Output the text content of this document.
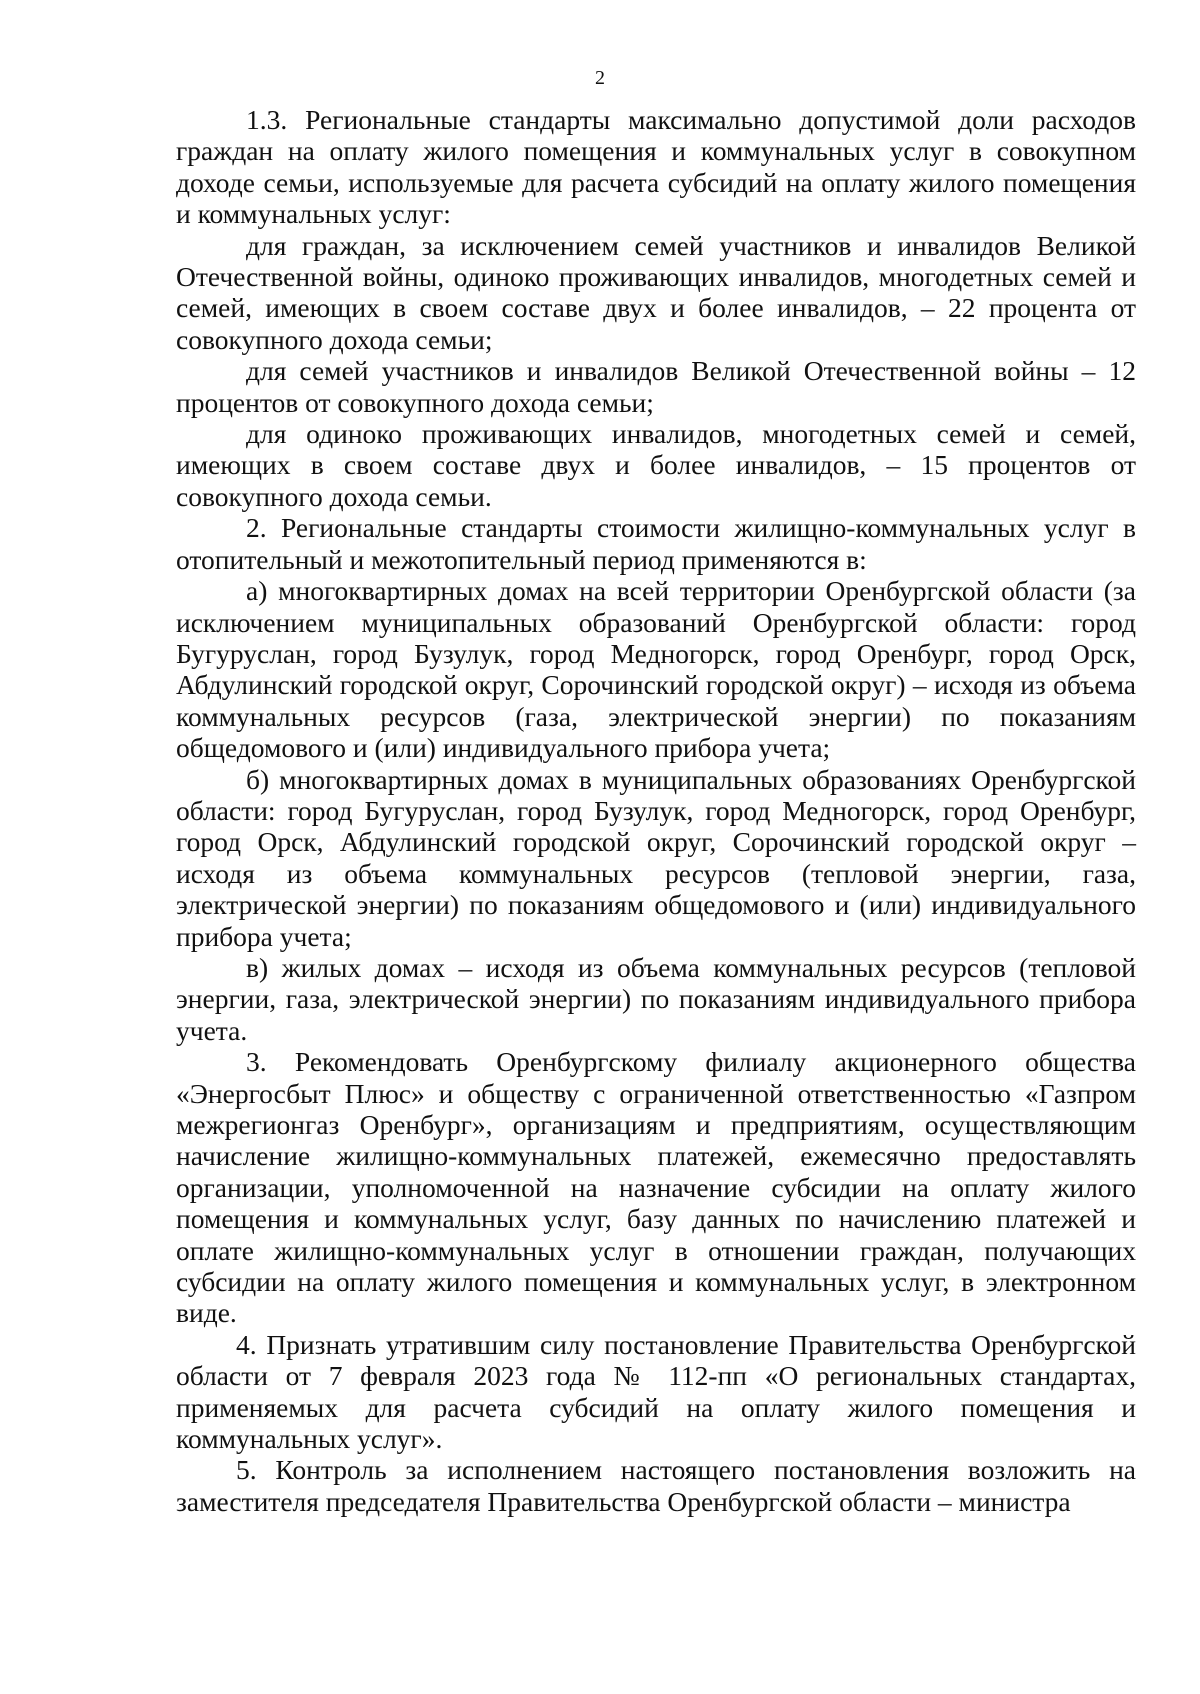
2

1.3. Региональные стандарты максимально допустимой доли расходов граждан на оплату жилого помещения и коммунальных услуг в совокупном доходе семьи, используемые для расчета субсидий на оплату жилого помещения и коммунальных услуг:

для граждан, за исключением семей участников и инвалидов Великой Отечественной войны, одиноко проживающих инвалидов, многодетных семей и семей, имеющих в своем составе двух и более инвалидов, – 22 процента от совокупного дохода семьи;

для семей участников и инвалидов Великой Отечественной войны – 12 процентов от совокупного дохода семьи;

для одиноко проживающих инвалидов, многодетных семей и семей, имеющих в своем составе двух и более инвалидов, – 15 процентов от совокупного дохода семьи.

2. Региональные стандарты стоимости жилищно-коммунальных услуг в отопительный и межотопительный период применяются в:

а) многоквартирных домах на всей территории Оренбургской области (за исключением муниципальных образований Оренбургской области: город Бугуруслан, город Бузулук, город Медногорск, город Оренбург, город Орск, Абдулинский городской округ, Сорочинский городской округ) – исходя из объема коммунальных ресурсов (газа, электрической энергии) по показаниям общедомового и (или) индивидуального прибора учета;

б) многоквартирных домах в муниципальных образованиях Оренбургской области: город Бугуруслан, город Бузулук, город Медногорск, город Оренбург, город Орск, Абдулинский городской округ, Сорочинский городской округ – исходя из объема коммунальных ресурсов (тепловой энергии, газа, электрической энергии) по показаниям общедомового и (или) индивидуального прибора учета;

в) жилых домах – исходя из объема коммунальных ресурсов (тепловой энергии, газа, электрической энергии) по показаниям индивидуального прибора учета.

3. Рекомендовать Оренбургскому филиалу акционерного общества «Энергосбыт Плюс» и обществу с ограниченной ответственностью «Газпром межрегионгаз Оренбург», организациям и предприятиям, осуществляющим начисление жилищно-коммунальных платежей, ежемесячно предоставлять организации, уполномоченной на назначение субсидии на оплату жилого помещения и коммунальных услуг, базу данных по начислению платежей и оплате жилищно-коммунальных услуг в отношении граждан, получающих субсидии на оплату жилого помещения и коммунальных услуг, в электронном виде.

4. Признать утратившим силу постановление Правительства Оренбургской области от 7 февраля 2023 года № 112-пп «О региональных стандартах, применяемых для расчета субсидий на оплату жилого помещения и коммунальных услуг».

5. Контроль за исполнением настоящего постановления возложить на заместителя председателя Правительства Оренбургской области – министра
